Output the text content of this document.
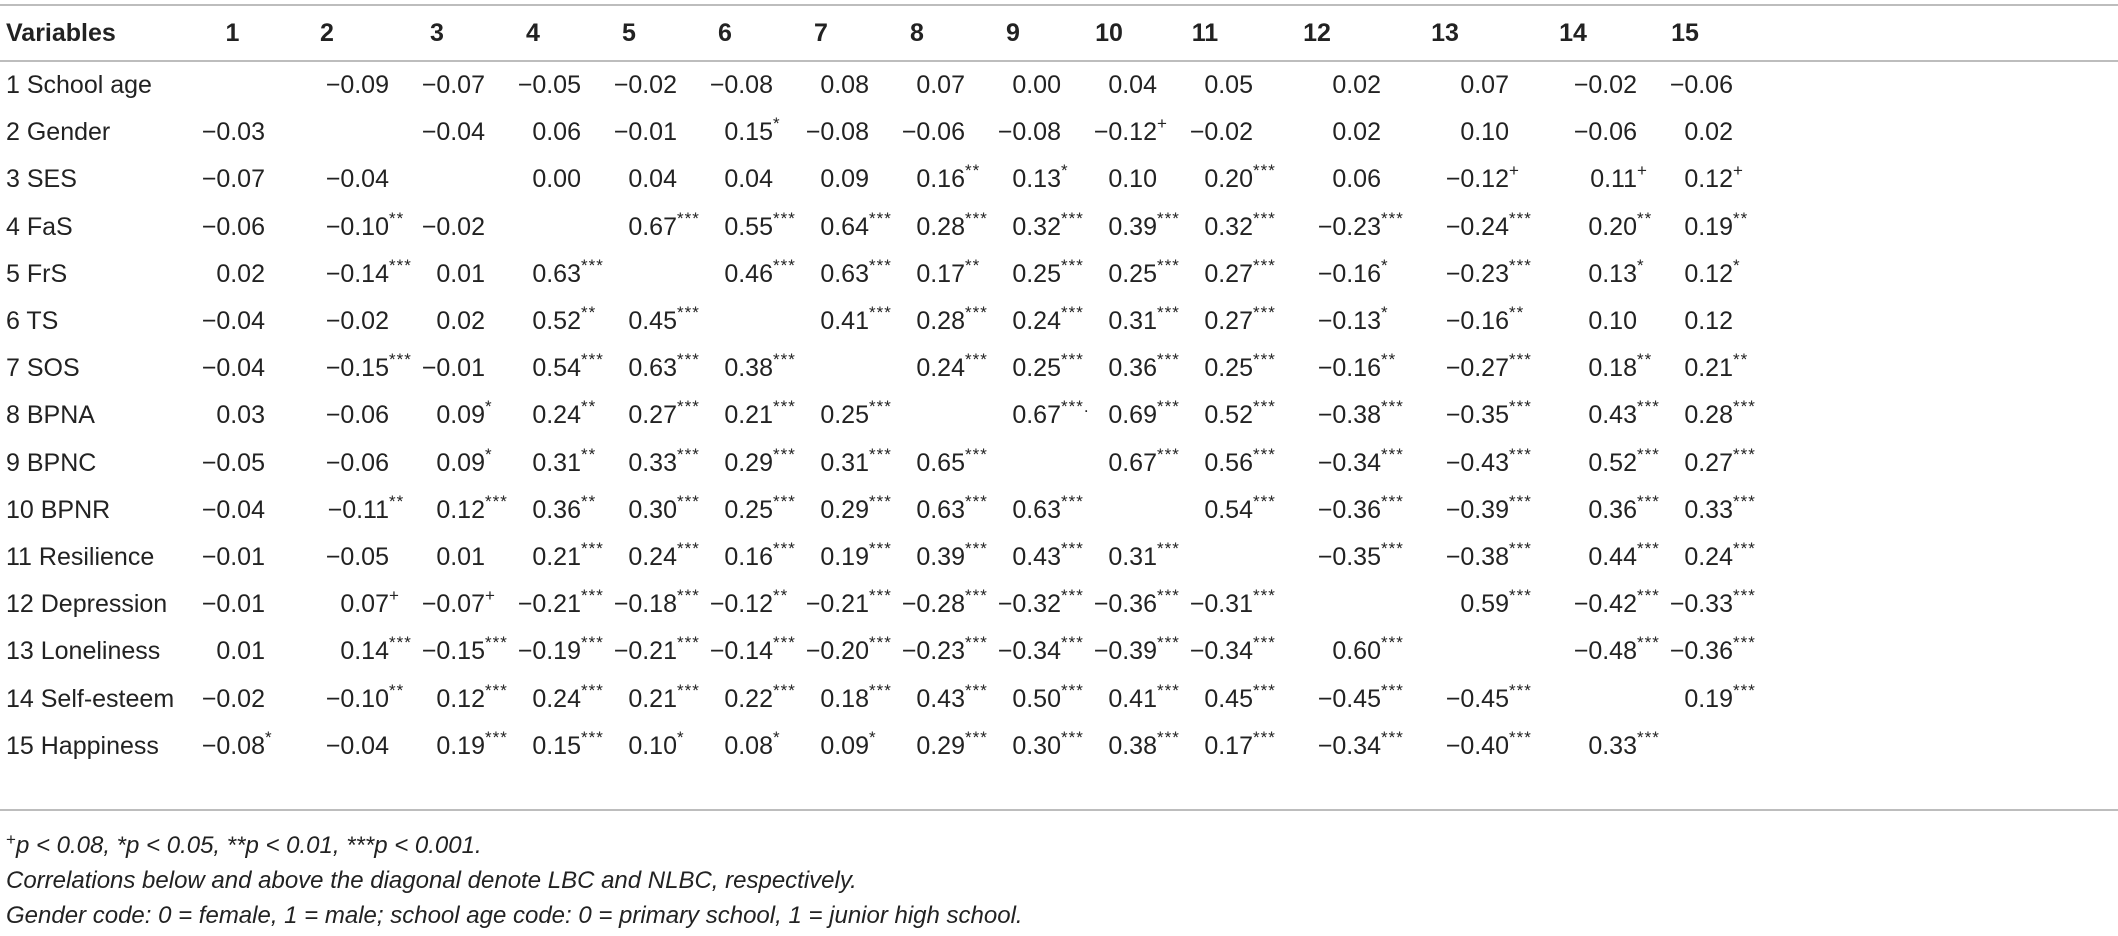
Variables	1	2	3	4	5	6	7	8	9	10	11	12	13	14	15
1 School age		−0.09	−0.07	−0.05	−0.02	−0.08	0.08	0.07	0.00	0.04	0.05	0.02	0.07	−0.02	−0.06

2 Gender	−0.03		−0.04	0.06	−0.01	0.15 *	−0.08	−0.06	−0.08	−0.12 +	−0.02	0.02	0.10	−0.06	0.02

3 SES	−0.07	−0.04		0.00	0.04	0.04	0.09	0.16 **	0.13 *	0.10	0.20 ***	0.06	−0.12 +	0.11 +	0.12 +

4 FaS	−0.06	−0.10 **	−0.02		0.67 ***	0.55 ***	0.64 ***	0.28 ***	0.32 ***	0.39 ***	0.32 ***	−0.23 ***	−0.24 ***	0.20 **	0.19 **

5 FrS	0.02	−0.14 ***	0.01	0.63 ***		0.46 ***	0.63 ***	0.17 **	0.25 ***	0.25 ***	0.27 ***	−0.16 *	−0.23 ***	0.13 *	0.12 *

6 TS	−0.04	−0.02	0.02	0.52 **	0.45 ***		0.41 ***	0.28 ***	0.24 ***	0.31 ***	0.27 ***	−0.13 *	−0.16 **	0.10	0.12

7 SOS	−0.04	−0.15 ***	−0.01	0.54 ***	0.63 ***	0.38 ***		0.24 ***	0.25 ***	0.36 ***	0.25 ***	−0.16 **	−0.27 ***	0.18 **	0.21 **

8 BPNA	0.03	−0.06	0.09 *	0.24 **	0.27 ***	0.21 ***	0.25 ***		0.67 ***.	0.69 ***	0.52 ***	−0.38 ***	−0.35 ***	0.43 ***	0.28 ***

9 BPNC	−0.05	−0.06	0.09 *	0.31 **	0.33 ***	0.29 ***	0.31 ***	0.65 ***		0.67 ***	0.56 ***	−0.34 ***	−0.43 ***	0.52 ***	0.27 ***

10 BPNR	−0.04	−0.11 **	0.12 ***	0.36 **	0.30 ***	0.25 ***	0.29 ***	0.63 ***	0.63 ***		0.54 ***	−0.36 ***	−0.39 ***	0.36 ***	0.33 ***

11 Resilience	−0.01	−0.05	0.01	0.21 ***	0.24 ***	0.16 ***	0.19 ***	0.39 ***	0.43 ***	0.31 ***		−0.35 ***	−0.38 ***	0.44 ***	0.24 ***

12 Depression	−0.01	0.07 +	−0.07 +	−0.21 ***	−0.18 ***	−0.12 **	−0.21 ***	−0.28 ***	−0.32 ***	−0.36 ***	−0.31 ***		0.59 ***	−0.42 ***	−0.33 ***

13 Loneliness	0.01	0.14 ***	−0.15 ***	−0.19 ***	−0.21 ***	−0.14 ***	−0.20 ***	−0.23 ***	−0.34 ***	−0.39 ***	−0.34 ***	0.60 ***		−0.48 ***	−0.36 ***

14 Self-esteem	−0.02	−0.10 **	0.12 ***	0.24 ***	0.21 ***	0.22 ***	0.18 ***	0.43 ***	0.50 ***	0.41 ***	0.45 ***	−0.45 ***	−0.45 ***		0.19 ***

15 Happiness	−0.08 *	−0.04	0.19 ***	0.15 ***	0.10 *	0.08 *	0.09 *	0.29 ***	0.30 ***	0.38 ***	0.17 ***	−0.34 ***	−0.40 ***	0.33 ***	

+p < 0.08, *p < 0.05, **p < 0.01, ***p < 0.001.
Correlations below and above the diagonal denote LBC and NLBC, respectively.
Gender code: 0 = female, 1 = male; school age code: 0 = primary school, 1 = junior high school.
